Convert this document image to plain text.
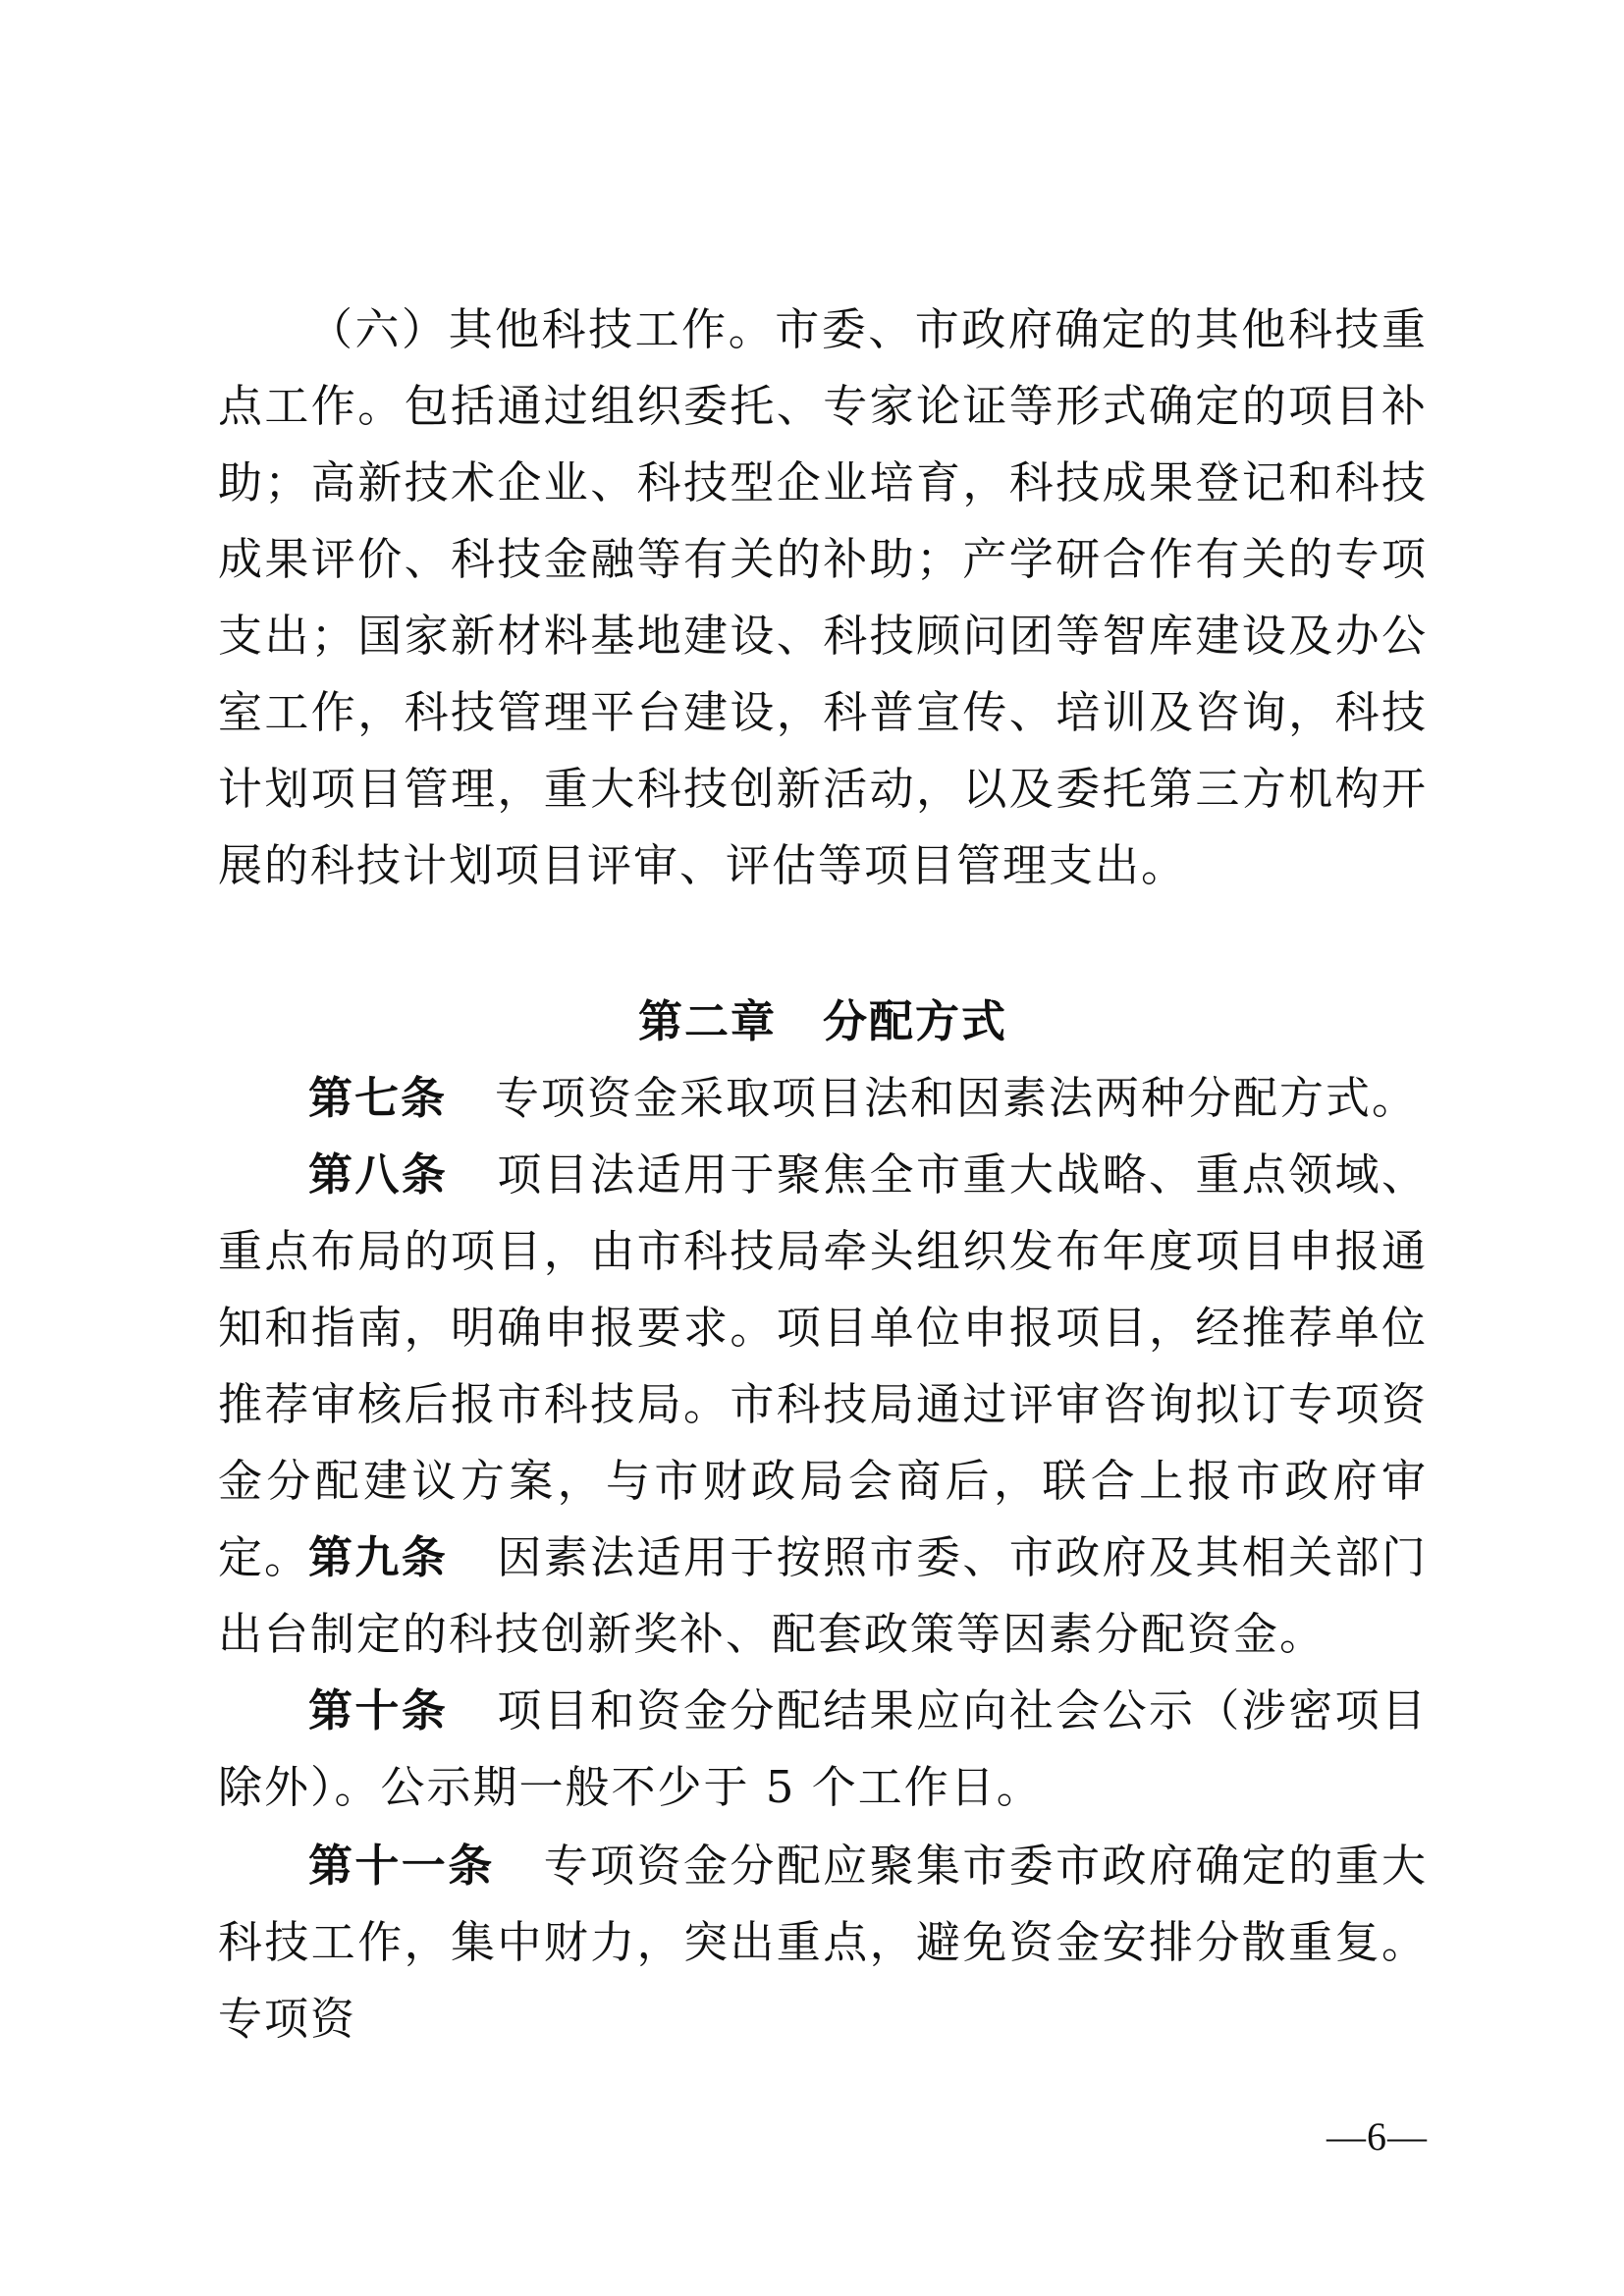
（六）其他科技工作。市委、市政府确定的其他科技重点工作。包括通过组织委托、专家论证等形式确定的项目补助；高新技术企业、科技型企业培育，科技成果登记和科技成果评价、科技金融等有关的补助；产学研合作有关的专项支出；国家新材料基地建设、科技顾问团等智库建设及办公室工作，科技管理平台建设，科普宣传、培训及咨询，科技计划项目管理，重大科技创新活动，以及委托第三方机构开展的科技计划项目评审、评估等项目管理支出。

第二章　分配方式

第七条 专项资金采取项目法和因素法两种分配方式。

第八条 项目法适用于聚焦全市重大战略、重点领域、重点布局的项目，由市科技局牵头组织发布年度项目申报通知和指南，明确申报要求。项目单位申报项目，经推荐单位推荐审核后报市科技局。市科技局通过评审咨询拟订专项资金分配建议方案，与市财政局会商后，联合上报市政府审定。

第九条 因素法适用于按照市委、市政府及其相关部门出台制定的科技创新奖补、配套政策等因素分配资金。

第十条 项目和资金分配结果应向社会公示（涉密项目除外）。公示期一般不少于 5 个工作日。

第十一条 专项资金分配应聚集市委市政府确定的重大科技工作，集中财力，突出重点，避免资金安排分散重复。专项资

—6—
